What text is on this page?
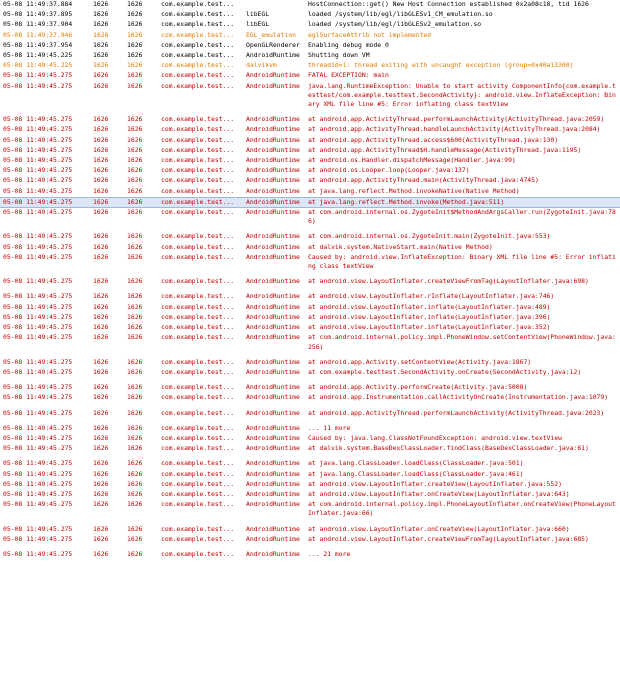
05-08 11:49:37.884	1626	1626	com.example.test...	HostConnection::get() New Host Connection established 0x2a08c18, tid 1626
05-08 11:49:37.895	1626	1626	com.example.test...	libEGL	loaded /system/lib/egl/libGLESv1_CM_emulation.so
05-08 11:49:37.904	1626	1626	com.example.test...	libEGL	loaded /system/lib/egl/libGLESv2_emulation.so
05-08 11:49:37.946	1626	1626	com.example.test...	EGL_emulation	eglSurfaceAttrib not implemented
05-08 11:49:37.954	1626	1626	com.example.test...	OpenGLRenderer	Enabling debug mode 0
05-08 11:49:45.225	1626	1626	com.example.test...	AndroidRuntime	Shutting down VM
05-08 11:49:45.225	1626	1626	com.example.test...	dalvikvm	threadid=1: thread exiting with uncaught exception (group=0x40a13300)
05-08 11:49:45.275	1626	1626	com.example.test...	AndroidRuntime	FATAL EXCEPTION: main
05-08 11:49:45.275	1626	1626	com.example.test...	AndroidRuntime	java.lang.RuntimeException: Unable to start activity ComponentInfo{com.example.testtest/com.example.testtest.SecondActivity}: android.view.InflateException: Binary XML file line #5: Error inflating class textView
05-08 11:49:45.275	1626	1626	com.example.test...	AndroidRuntime	at android.app.ActivityThread.performLaunchActivity(ActivityThread.java:2059)
05-08 11:49:45.275	1626	1626	com.example.test...	AndroidRuntime	at android.app.ActivityThread.handleLaunchActivity(ActivityThread.java:2084)
05-08 11:49:45.275	1626	1626	com.example.test...	AndroidRuntime	at android.app.ActivityThread.access$600(ActivityThread.java:130)
05-08 11:49:45.275	1626	1626	com.example.test...	AndroidRuntime	at android.app.ActivityThread$H.handleMessage(ActivityThread.java:1195)
05-08 11:49:45.275	1626	1626	com.example.test...	AndroidRuntime	at android.os.Handler.dispatchMessage(Handler.java:99)
05-08 11:49:45.275	1626	1626	com.example.test...	AndroidRuntime	at android.os.Looper.loop(Looper.java:137)
05-08 11:49:45.275	1626	1626	com.example.test...	AndroidRuntime	at android.app.ActivityThread.main(ActivityThread.java:4745)
05-08 11:49:45.275	1626	1626	com.example.test...	AndroidRuntime	at java.lang.reflect.Method.invokeNative(Native Method)
05-08 11:49:45.275	1626	1626	com.example.test...	AndroidRuntime	at java.lang.reflect.Method.invoke(Method.java:511)
05-08 11:49:45.275	1626	1626	com.example.test...	AndroidRuntime	at com.android.internal.os.ZygoteInit$MethodAndArgsCaller.run(ZygoteInit.java:786)
05-08 11:49:45.275	1626	1626	com.example.test...	AndroidRuntime	at com.android.internal.os.ZygoteInit.main(ZygoteInit.java:553)
05-08 11:49:45.275	1626	1626	com.example.test...	AndroidRuntime	at dalvik.system.NativeStart.main(Native Method)
05-08 11:49:45.275	1626	1626	com.example.test...	AndroidRuntime	Caused by: android.view.InflateException: Binary XML file line #5: Error inflating class textView
05-08 11:49:45.275	1626	1626	com.example.test...	AndroidRuntime	at android.view.LayoutInflater.createViewFromTag(LayoutInflater.java:698)
05-08 11:49:45.275	1626	1626	com.example.test...	AndroidRuntime	at android.view.LayoutInflater.rInflate(LayoutInflater.java:746)
05-08 11:49:45.275	1626	1626	com.example.test...	AndroidRuntime	at android.view.LayoutInflater.inflate(LayoutInflater.java:489)
05-08 11:49:45.275	1626	1626	com.example.test...	AndroidRuntime	at android.view.LayoutInflater.inflate(LayoutInflater.java:396)
05-08 11:49:45.275	1626	1626	com.example.test...	AndroidRuntime	at android.view.LayoutInflater.inflate(LayoutInflater.java:352)
05-08 11:49:45.275	1626	1626	com.example.test...	AndroidRuntime	at com.android.internal.policy.impl.PhoneWindow.setContentView(PhoneWindow.java:256)
05-08 11:49:45.275	1626	1626	com.example.test...	AndroidRuntime	at android.app.Activity.setContentView(Activity.java:1867)
05-08 11:49:45.275	1626	1626	com.example.test...	AndroidRuntime	at com.example.testtest.SecondActivity.onCreate(SecondActivity.java:12)
05-08 11:49:45.275	1626	1626	com.example.test...	AndroidRuntime	at android.app.Activity.performCreate(Activity.java:5008)
05-08 11:49:45.275	1626	1626	com.example.test...	AndroidRuntime	at android.app.Instrumentation.callActivityOnCreate(Instrumentation.java:1079)
05-08 11:49:45.275	1626	1626	com.example.test...	AndroidRuntime	at android.app.ActivityThread.performLaunchActivity(ActivityThread.java:2023)
05-08 11:49:45.275	1626	1626	com.example.test...	AndroidRuntime	... 11 more
05-08 11:49:45.275	1626	1626	com.example.test...	AndroidRuntime	Caused by: java.lang.ClassNotFoundException: android.view.textView
05-08 11:49:45.275	1626	1626	com.example.test...	AndroidRuntime	at dalvik.system.BaseDexClassLoader.findClass(BaseDexClassLoader.java:61)
05-08 11:49:45.275	1626	1626	com.example.test...	AndroidRuntime	at java.lang.ClassLoader.loadClass(ClassLoader.java:501)
05-08 11:49:45.275	1626	1626	com.example.test...	AndroidRuntime	at java.lang.ClassLoader.loadClass(ClassLoader.java:461)
05-08 11:49:45.275	1626	1626	com.example.test...	AndroidRuntime	at android.view.LayoutInflater.createView(LayoutInflater.java:552)
05-08 11:49:45.275	1626	1626	com.example.test...	AndroidRuntime	at android.view.LayoutInflater.onCreateView(LayoutInflater.java:643)
05-08 11:49:45.275	1626	1626	com.example.test...	AndroidRuntime	at com.android.internal.policy.impl.PhoneLayoutInflater.onCreateView(PhoneLayoutInflater.java:66)
05-08 11:49:45.275	1626	1626	com.example.test...	AndroidRuntime	at android.view.LayoutInflater.onCreateView(LayoutInflater.java:660)
05-08 11:49:45.275	1626	1626	com.example.test...	AndroidRuntime	at android.view.LayoutInflater.createViewFromTag(LayoutInflater.java:685)
05-08 11:49:45.275	1626	1626	com.example.test...	AndroidRuntime	... 21 more
